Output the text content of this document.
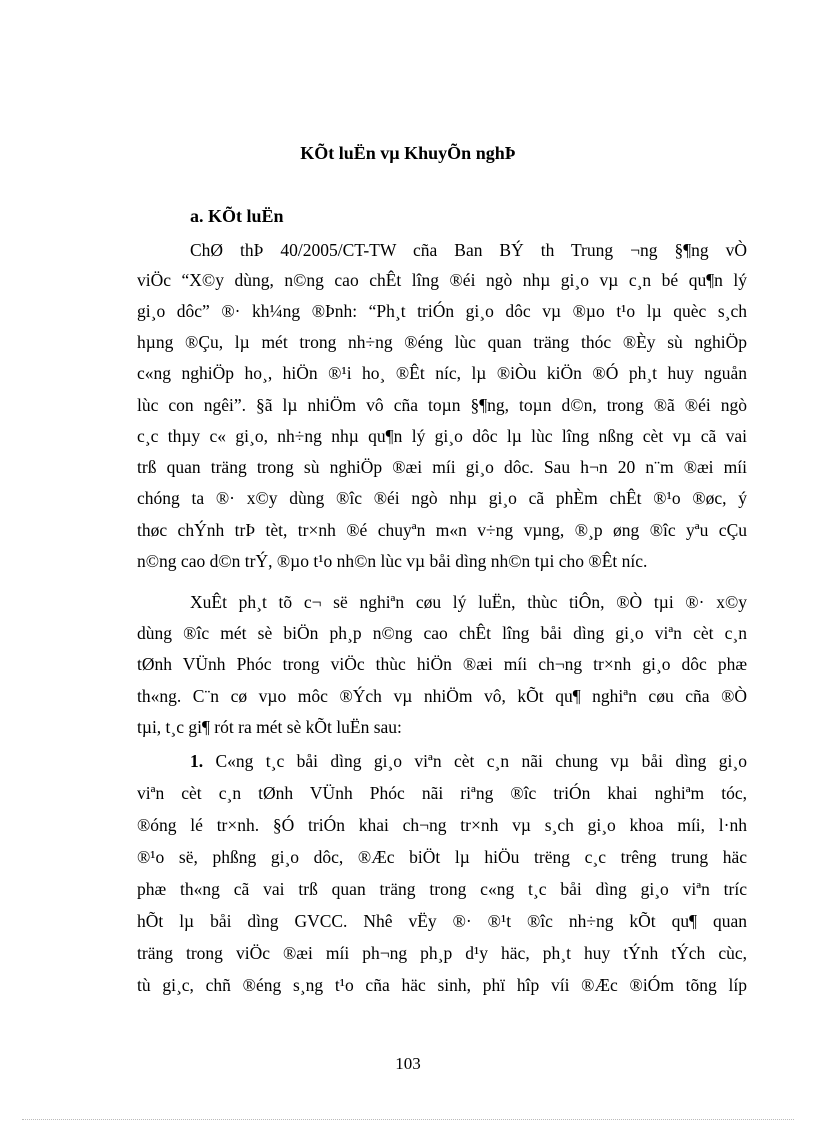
KÕt luËn vµ KhuyÕn nghÞ
a. KÕt luËn
ChØ thÞ 40/2005/CT-TW cña Ban BÝ th Trung ¬ng §¶ng vÒ
viÖc “X©y dùng, n©ng cao chÊt lîng ®éi ngò nhµ gi¸o vµ c¸n bé qu¶n lý
gi¸o dôc” ®· kh¼ng ®Þnh: “Ph¸t triÓn gi¸o dôc vµ ®µo t¹o lµ quèc s¸ch
hµng ®Çu, lµ mét trong nh÷ng ®éng lùc quan träng thóc ®Èy sù nghiÖp
c«ng nghiÖp ho¸, hiÖn ®¹i ho¸ ®Êt níc, lµ ®iÒu kiÖn ®Ó ph¸t huy nguån
lùc con ngêi”. §ã lµ nhiÖm vô cña toµn §¶ng, toµn d©n, trong ®ã ®éi ngò
c¸c thµy c« gi¸o, nh÷ng nhµ qu¶n lý gi¸o dôc lµ lùc lîng nßng cèt vµ cã vai
trß quan träng trong sù nghiÖp ®æi míi gi¸o dôc. Sau h¬n 20 n¨m ®æi míi
chóng ta ®· x©y dùng ®îc ®éi ngò nhµ gi¸o cã phÈm chÊt ®¹o ®øc, ý
thøc chÝnh trÞ tèt, tr×nh ®é chuyªn m«n v÷ng vµng, ®¸p øng ®îc yªu cÇu
n©ng cao d©n trÝ, ®µo t¹o nh©n lùc vµ båi dìng nh©n tµi cho ®Êt níc.
XuÊt ph¸t tõ c¬ së nghiªn cøu lý luËn, thùc tiÔn, ®Ò tµi ®· x©y
dùng ®îc mét sè biÖn ph¸p n©ng cao chÊt lîng båi dìng gi¸o viªn cèt c¸n
tØnh VÜnh Phóc trong viÖc thùc hiÖn ®æi míi ch¬ng tr×nh gi¸o dôc phæ
th«ng. C¨n cø vµo môc ®Ých vµ nhiÖm vô, kÕt qu¶ nghiªn cøu cña ®Ò
tµi, t¸c gi¶ rót ra mét sè kÕt luËn sau:
1. C«ng t¸c båi dìng gi¸o viªn cèt c¸n nãi chung vµ båi dìng gi¸o
viªn cèt c¸n tØnh VÜnh Phóc nãi riªng ®îc triÓn khai nghiªm tóc,
®óng lé tr×nh. §Ó triÓn khai ch¬ng tr×nh vµ s¸ch gi¸o khoa míi, l·nh
®¹o së, phßng gi¸o dôc, ®Æc biÖt lµ hiÖu trëng c¸c trêng trung häc
phæ th«ng cã vai trß quan träng trong c«ng t¸c båi dìng gi¸o viªn tríc
hÕt lµ båi dìng GVCC. Nhê vËy ®· ®¹t ®îc nh÷ng kÕt qu¶ quan
träng trong viÖc ®æi míi ph¬ng ph¸p d¹y häc, ph¸t huy tÝnh tÝch cùc,
tù gi¸c, chñ ®éng s¸ng t¹o cña häc sinh, phï hîp víi ®Æc ®iÓm tõng líp
103
